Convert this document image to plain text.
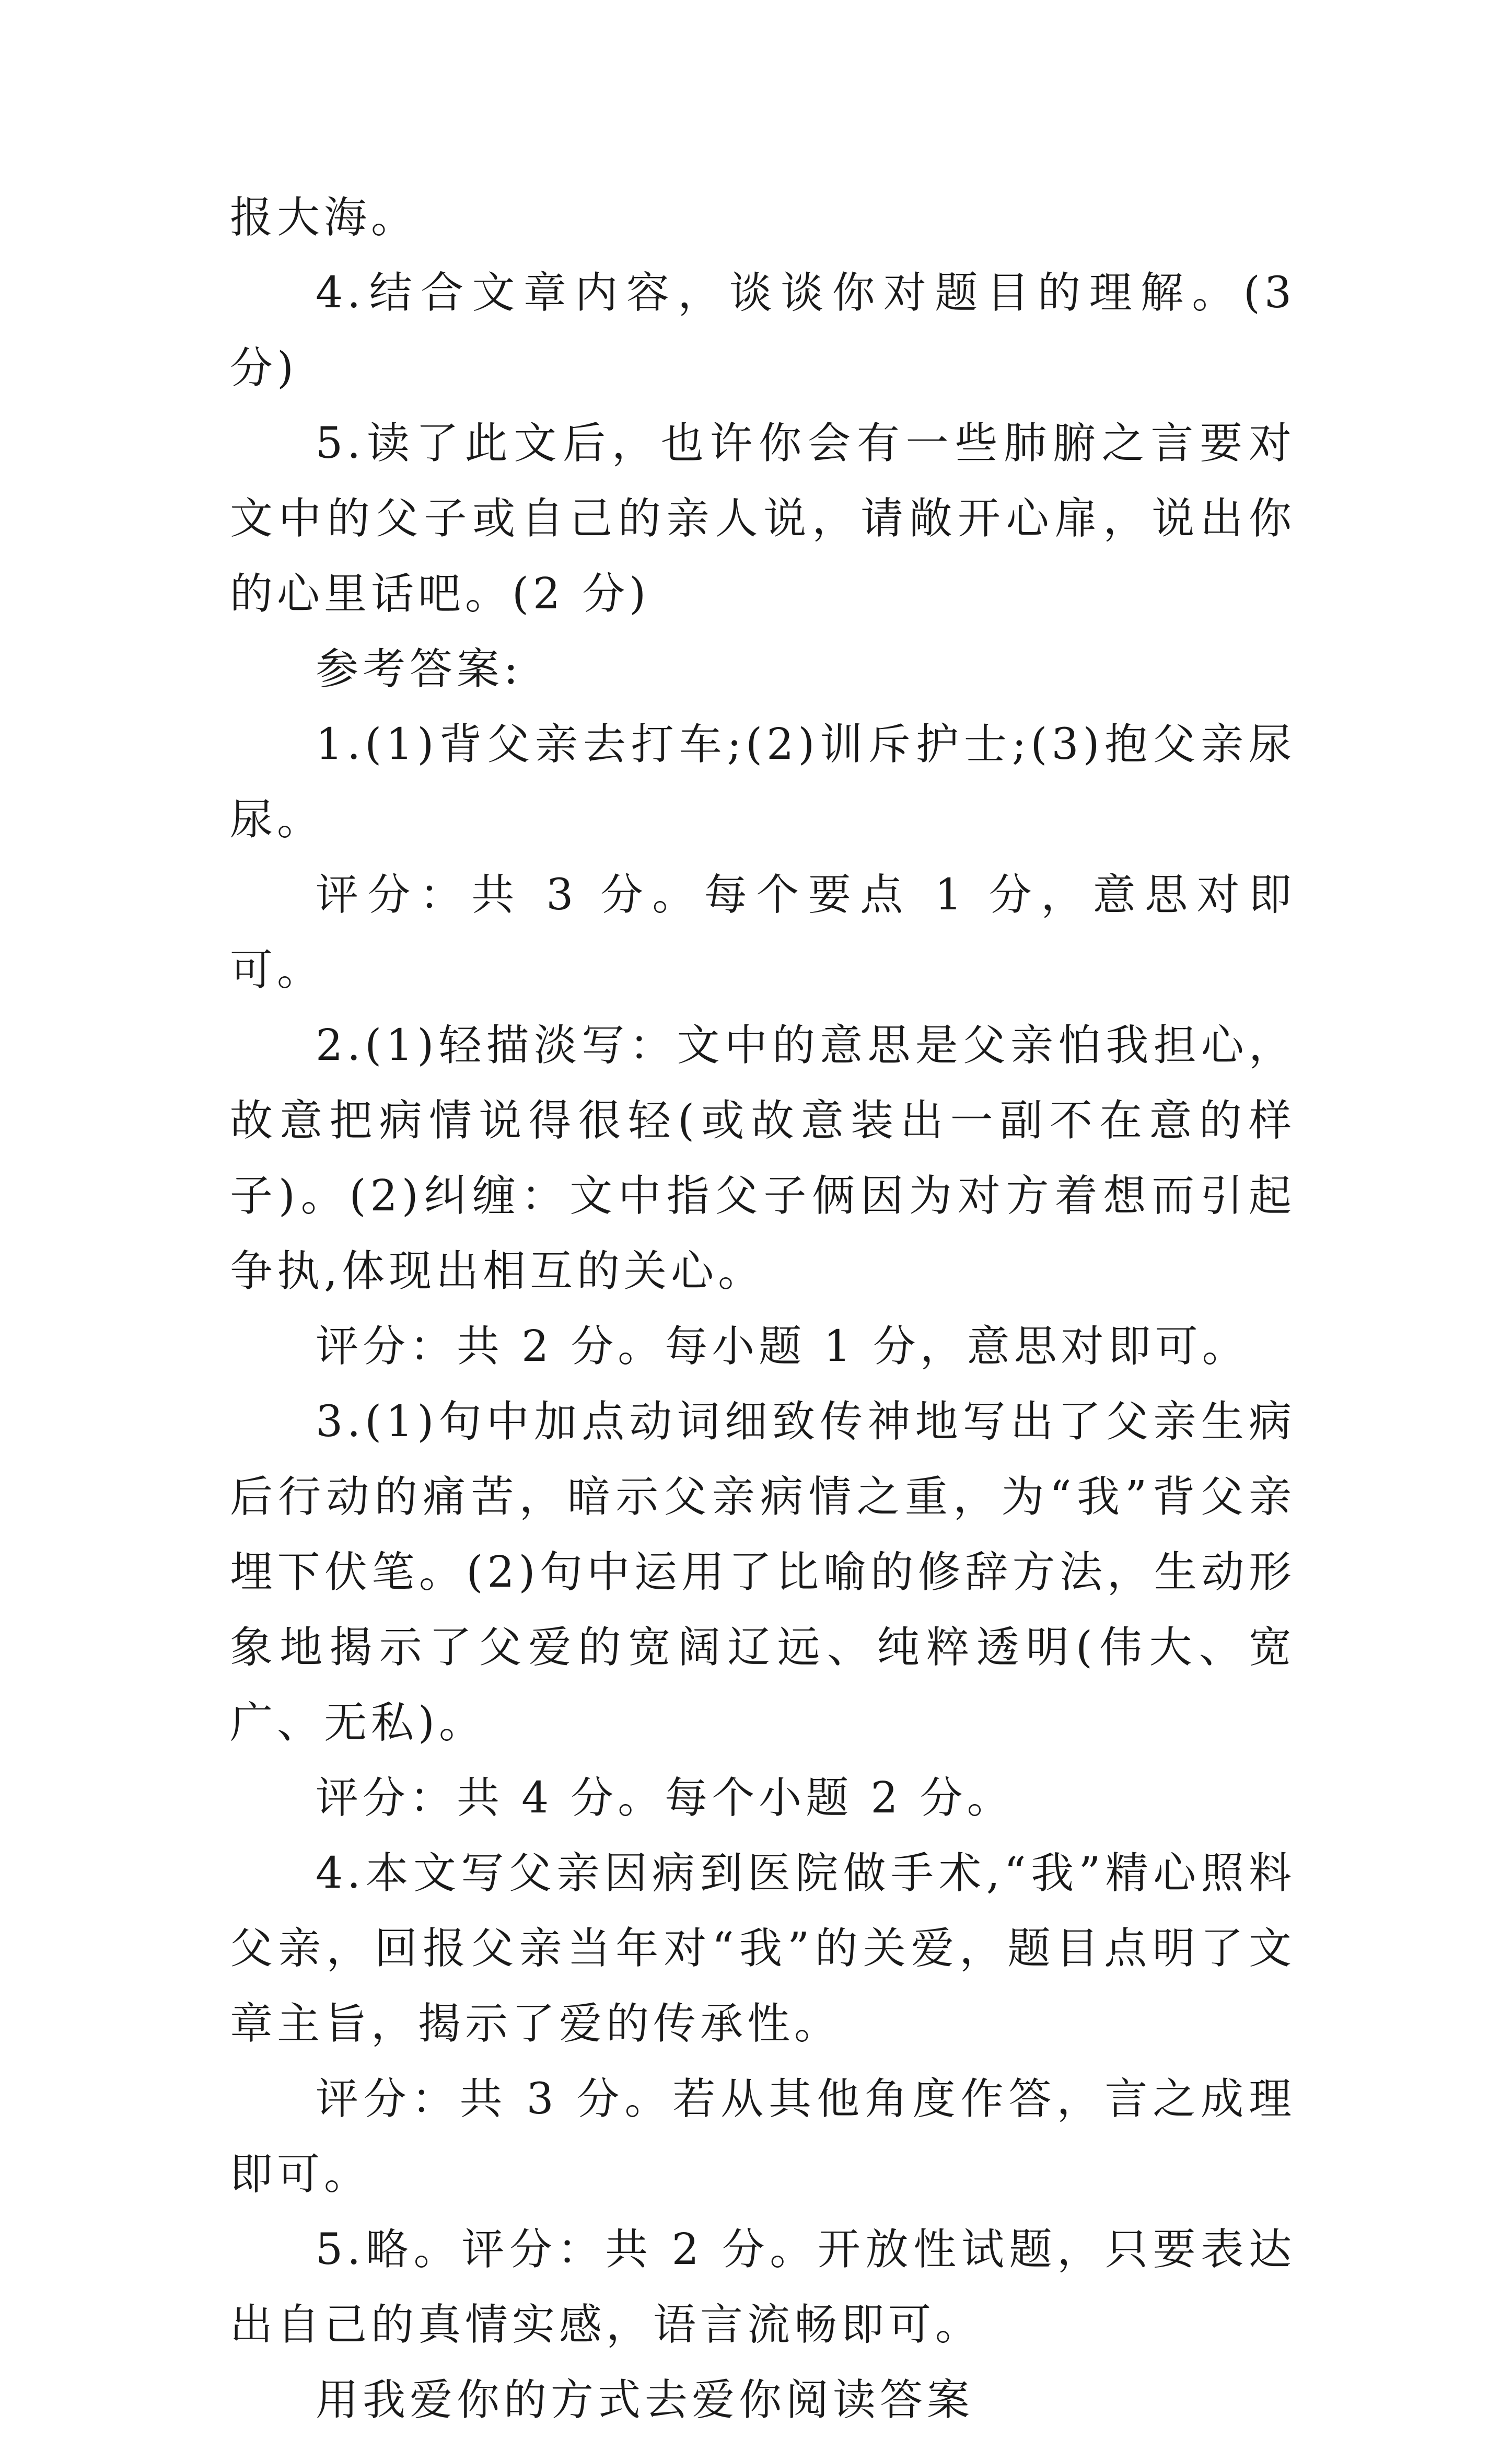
报大海。

4.结合文章内容，谈谈你对题目的理解。(3 分)

5.读了此文后，也许你会有一些肺腑之言要对文中的父子或自己的亲人说，请敞开心扉，说出你的心里话吧。(2 分)

参考答案:

1.(1)背父亲去打车;(2)训斥护士;(3)抱父亲尿尿。

评分：共 3 分。每个要点 1 分，意思对即可。

2.(1)轻描淡写：文中的意思是父亲怕我担心，故意把病情说得很轻(或故意装出一副不在意的样子)。(2)纠缠：文中指父子俩因为对方着想而引起争执,体现出相互的关心。

评分：共 2 分。每小题 1 分，意思对即可。

3.(1)句中加点动词细致传神地写出了父亲生病后行动的痛苦，暗示父亲病情之重，为“我”背父亲埋下伏笔。(2)句中运用了比喻的修辞方法，生动形象地揭示了父爱的宽阔辽远、纯粹透明(伟大、宽广、无私)。

评分：共 4 分。每个小题 2 分。

4.本文写父亲因病到医院做手术,“我”精心照料父亲，回报父亲当年对“我”的关爱，题目点明了文章主旨，揭示了爱的传承性。

评分：共 3 分。若从其他角度作答，言之成理即可。

5.略。评分：共 2 分。开放性试题，只要表达出自己的真情实感，语言流畅即可。

用我爱你的方式去爱你阅读答案
